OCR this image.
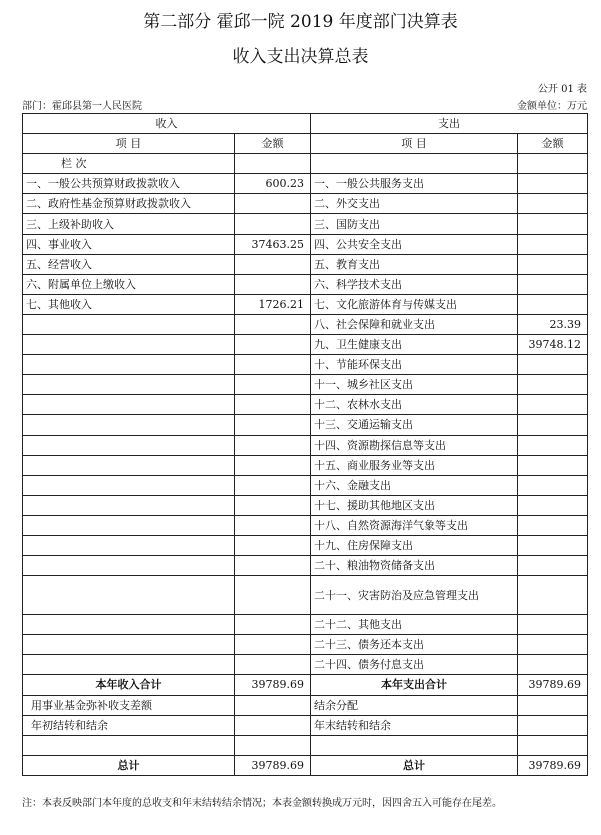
第二部分 霍邱一院 2019 年度部门决算表
收入支出决算总表
公开 01 表
部门：霍邱县第一人民医院	金额单位：万元
收入		支出	
项 目	金额	项 目	金额
栏 次			
一、一般公共预算财政拨款收入	600.23	一、一般公共服务支出	
二、政府性基金预算财政拨款收入		二、外交支出	
三、上级补助收入		三、国防支出	
四、事业收入	37463.25	四、公共安全支出	
五、经营收入		五、教育支出	
六、附属单位上缴收入		六、科学技术支出	
七、其他收入	1726.21	七、文化旅游体育与传媒支出	
		八、社会保障和就业支出	23.39
		九、卫生健康支出	39748.12
		十、节能环保支出	
		十一、城乡社区支出	
		十二、农林水支出	
		十三、交通运输支出	
		十四、资源勘探信息等支出	
		十五、商业服务业等支出	
		十六、金融支出	
		十七、援助其他地区支出	
		十八、自然资源海洋气象等支出	
		十九、住房保障支出	
		二十、粮油物资储备支出	
		二十一、灾害防治及应急管理支出	
		二十二、其他支出	
		二十三、债务还本支出	
		二十四、债务付息支出	
本年收入合计	39789.69	本年支出合计	39789.69
用事业基金弥补收支差额		结余分配	
年初结转和结余		年末结转和结余	

总计	39789.69	总计	39789.69
注：本表反映部门本年度的总收支和年末结转结余情况；本表金额转换成万元时，因四舍五入可能存在尾差。
